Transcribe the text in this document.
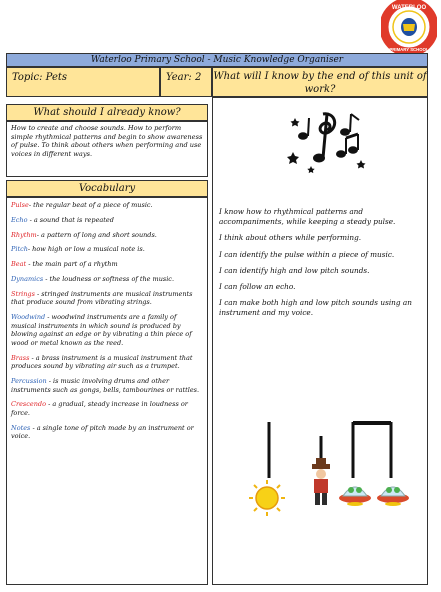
WATERLOO
PRIMARY SCHOOL
Waterloo Primary School - Music Knowledge Organiser
Topic: Pets	Year: 2	What will I know by the end of this unit of work?
What should I already know?
How to create and choose sounds. How to perform simple rhythmical patterns and begin to show awareness of pulse. To think about others when performing and use voices in different ways.
Vocabulary

Pulse- the regular beat of a piece of music.

Echo - a sound that is repeated

Rhythm- a pattern of long and short sounds.

Pitch- how high or low a musical note is.

Beat - the main part of a rhythm

Dynamics - the loudness or softness of the music.

Strings - stringed instruments are musical instruments that produce sound from vibrating strings.

Woodwind - woodwind instruments are a family of musical instruments in which sound is produced by blowing against an edge or by vibrating a thin piece of wood or metal known as the reed.

Brass - a brass instrument is a musical instrument that produces sound by vibrating air such as a trumpet.

Percussion - is music involving drums and other instruments such as gongs, bells, tambourines or rattles.

Crescendo - a gradual, steady increase in loudness or force.

Notes - a single tone of pitch made by an instrument or voice.

I know how to rhythmical patterns and accompaniments, while keeping a steady pulse.

I think about others while performing.

I can identify the pulse within a piece of music.

I can identify high and low pitch sounds.

I can follow an echo.

I can make both high and low pitch sounds using an instrument and my voice.
